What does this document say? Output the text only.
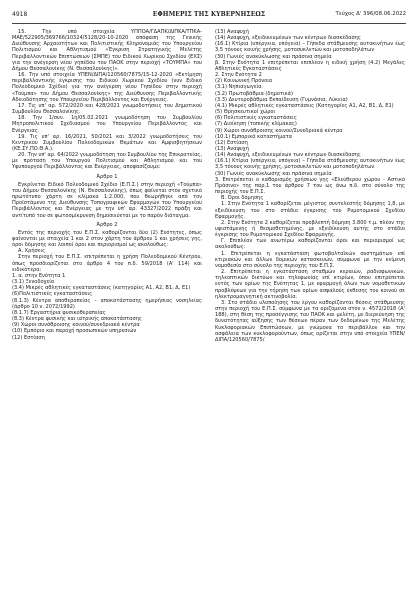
4918	ΕΦΗΜΕΡΙΣ ΤΗΣ ΚΥΒΕΡΝΗΣΕΩΣ	Τεύχος Δ' 396/08.06.2022

15. Την υπό στοιχεία ΥΠΠΟΑ/ΓΔΑΠΚ/ΔΙΠΚΑ/ΤΠΚΑ-ΜΑΕ/522905/369766/10324/5128/20-10-2020 απόφαση της Γενικής Διεύθυνσης Αρχαιοτήτων και Πολιτιστικής Κληρονομιάς του Υπουργείου Πολιτισμού και Αθλητισμού «Έγκριση Στρατηγικής Μελέτης Περιβαλλοντικών Επιπτώσεων (ΣΜΠΕ) του Ειδικού Χωρικού Σχεδίου (ΕΧΣ) για την ανέγερση νέου γηπέδου του ΠΑΟΚ στην περιοχή «ΤΟΥΜΠΑ» του Δήμου Θεσσαλονίκης (Ν. Θεσσαλονίκης)».

16. Την υπό στοιχεία ΥΠΕΝ/ΔΙΠΑ/120560/7875/15-12-2020 «Εκτίμηση περιβαλλοντικής έγκρισης του Ειδικού Χωρικού Σχεδίου (νυν Ειδικό Πολεοδομικό Σχέδιο) για την ανέγερση νέου Γηπέδου στην περιοχή «Τούμπα» του Δήμου Θεσσαλονίκης» της Διεύθυνσης Περιβαλλοντικής Αδειοδότησης του Υπουργείου Περιβάλλοντος και Ενέργειας.

17. Τις υπ' αρ. 572/2020 και 428/2021 γνωμοδοτήσεις του Δημοτικού Συμβουλίου Θεσσαλονίκης.

18. Την 1/συν. 1η/05.02.2021 γνωμοδότηση του Συμβουλίου Μητροπολιτικού Σχεδιασμού του Υπουργείου Περιβάλλοντος και Ενέργειας.

19. Τις υπ' αρ. 16/2021, 50/2021 και 3/2022 γνωμοδοτήσεις του Κεντρικού Συμβουλίου Πολεοδομικών Θεμάτων και Αμφισβητήσεων (ΚΕ.ΣΥ.ΠΟ.Θ.Α.).

20. Την υπ' αρ. 64/2022 γνωμοδότηση του Συμβουλίου της Επικρατείας, με πρόταση του Υπουργού Πολιτισμού και Αθλητισμού και του Υφυπουργού Περιβάλλοντος και Ενέργειας, αποφασίζουμε:

Άρθρο 1

Εγκρίνεται Ειδικό Πολεοδομικό Σχέδιο (Ε.Π.Σ.) στην περιοχή «Τούμπα» του Δήμου Θεσσαλονίκης (Ν. Θεσσαλονίκης), όπως φαίνεται στον σχετικό πρωτότυπο χάρτη σε κλίμακα 1:2.000, που θεωρήθηκε από τον Προϊστάμενο της Διεύθυνσης Τοπογραφικών Εφαρμογών του Υπουργείου Περιβάλλοντος και Ενέργειας με την υπ' αρ. 43327/2022 πράξη και αντίτυπό του σε φωτοσμίκρυνση δημοσιεύεται με το παρόν διάταγμα.

Άρθρο 2

Εντός της περιοχής του Ε.Π.Σ. καθορίζονται δύο (2) Ενότητες, όπως φαίνονται με στοιχεία 1 και 2 στον χάρτη του άρθρου 1 και χρήσεις γης, όροι δόμησης και λοιποί όροι και περιορισμοί ως ακολούθως:

Α. Χρήσεις

Στην περιοχή του Ε.Π.Σ. επιτρέπεται η χρήση Πολεοδομικού Κέντρου, όπως προσδιορίζεται στο άρθρο 4 του π.δ. 59/2018 (Α' 114) και ειδικότερα:

1. α. στην Ενότητα 1

(3.1) Ξενοδοχεία

(3.4) Μικρές αθλητικές εγκαταστάσεις (κατηγορίες Α1, Α2, Β1, Δ, Ε1)

(6)Πολιτιστικές εγκαταστάσεις

(8.1.3) Κέντρα αποθεραπείας – αποκατάστασης ημερήσιας νοσηλείας (άρθρο 10 ν. 2072/1992)

(8.1.7) Εργαστήρια φυσικοθεραπείας

(8.3) Κέντρα φυσικής και ιατρικής αποκατάστασης

(9) Χώροι συνάθροισης κοινού/συνεδριακά κέντρα

(10) Εμπόριο και παροχή προσωπικών υπηρεσιών

(12) Εστίαση

(13) Αναψυχή

(14) Αναψυχή, εξειδικευμένων των κέντρων διασκέδασης

(16.1) Κτίρια (υπέργεια, υπόγεια) – Γήπεδα στάθμευσης αυτοκινήτων έως 3,5 τόνους κοινής χρήσης, μοτοσυκλετών και μοτοποδηλάτων

(30) Γωνιές ανακύκλωσης και πράσινα σημεία

β. Στην Ενότητα 1 επιτρέπεται επιπλέον η ειδική χρήση (4.2) Μεγάλες Αθλητικές Εγκαταστάσεις

2. Στην Ενότητα 2

(2) Κοινωνική Πρόνοια

(3.1) Νηπιαγωγεία

(3.2) Πρωτοβάθμια (δημοτικά)

(3.3) Δευτεροβάθμια Εκπαίδευση (Γυμνάσια, Λύκεια)

(4.1) Μικρές αθλητικές εγκαταστάσεις (Κατηγορίες Α1, Α2, Β1, Δ, Ε1)

(5) Θρησκευτικοί χώροι

(6) Πολιτιστικές εγκαταστάσεις

(7) Διοίκηση (τοπικής κλίμακας)

(9) Χώροι συνάθροισης κοινού/Συνεδριακά κέντρα

(10.1) Εμπορικά καταστήματα

(12) Εστίαση

(13) Αναψυχή

(14) Αναψυχή, εξειδικευμένων των κέντρων διασκέδασης

(16.1) Κτίρια (υπέργεια, υπόγεια) – Γήπεδα στάθμευσης αυτοκινήτων έως 3,5 τόνους κοινής χρήσης, μοτοσυκλετών και μοτοποδηλάτων

(30) Γωνιές ανακύκλωσης και πράσινα σημεία

3. Επιτρέπεται ο καθορισμός χρήσεων γης «Ελεύθερου χώρου - Αστικό Πράσινο» της παρ.1 του άρθρου 7 του ως άνω π.δ. στο σύνολο της περιοχής του Ε.Π.Σ.

Β. Όροι δόμησης

1. Στην Ενότητα 1 καθορίζεται μέγιστος συντελεστής δόμησης 1,8, με εξειδίκευση του στο στάδιο έγκρισης του Ρυμοτομικού Σχεδίου Εφαρμογής.

2. Στην Ενότητα 2 καθορίζεται προβλεπτή δόμηση 3.800 τ.μ. πλέον της υφιστάμενης ή θεσμοθετημένης, με εξειδίκευση αυτής στο στάδιο έγκρισης του Ρυμοτομικού Σχεδίου Εφαρμογής.

Γ. Επιπλέον των ανωτέρω καθορίζονται όροι και περιορισμοί ως ακολούθως:

1. Επιτρέπεται η εγκατάσταση φωτοβολταϊκών συστημάτων επί κτιριακών και άλλων δομικών κατασκευών, σύμφωνα με την κείμενη νομοθεσία στο σύνολο της περιοχής του Ε.Π.Σ.

2. Επιτρέπεται η εγκατάσταση σταθμών κεραιών, ραδιοφωνικών, τηλεοπτικών δικτύων και τηλεφωνίας επί κτιρίων, όπου επιτρέπεται εντός των ορίων της Ενότητας 1, με εφαρμογή όλων των νομοθετικών προβλέψεων για την τήρηση των ορίων ασφαλούς έκθεσης του κοινού σε ηλεκτρομαγνητική ακτινοβολία.

3. Στο στάδιο υλοποίησης του έργου καθορίζονται θέσεις στάθμευσης στην περιοχή του Ε.Π.Σ. σύμφωνα με τα οριζόμενα στον ν. 4572/2018 (Α' 188), στη θέση της προσέγγισης του ΠΑΟΚ και μελέτη, με διερεύνηση της δυνατότητας αύξησης των θέσεων πέραν των δεδομένων της Μελέτης Κυκλοφοριακών Επιπτώσεων, με γνώμονα το περιβάλλον και την ασφάλεια των κυκλοφορούντων, όπως ορίζεται στην υπό στοιχεία ΥΠΕΝ/ΔΙΠΑ/120560/7875/
